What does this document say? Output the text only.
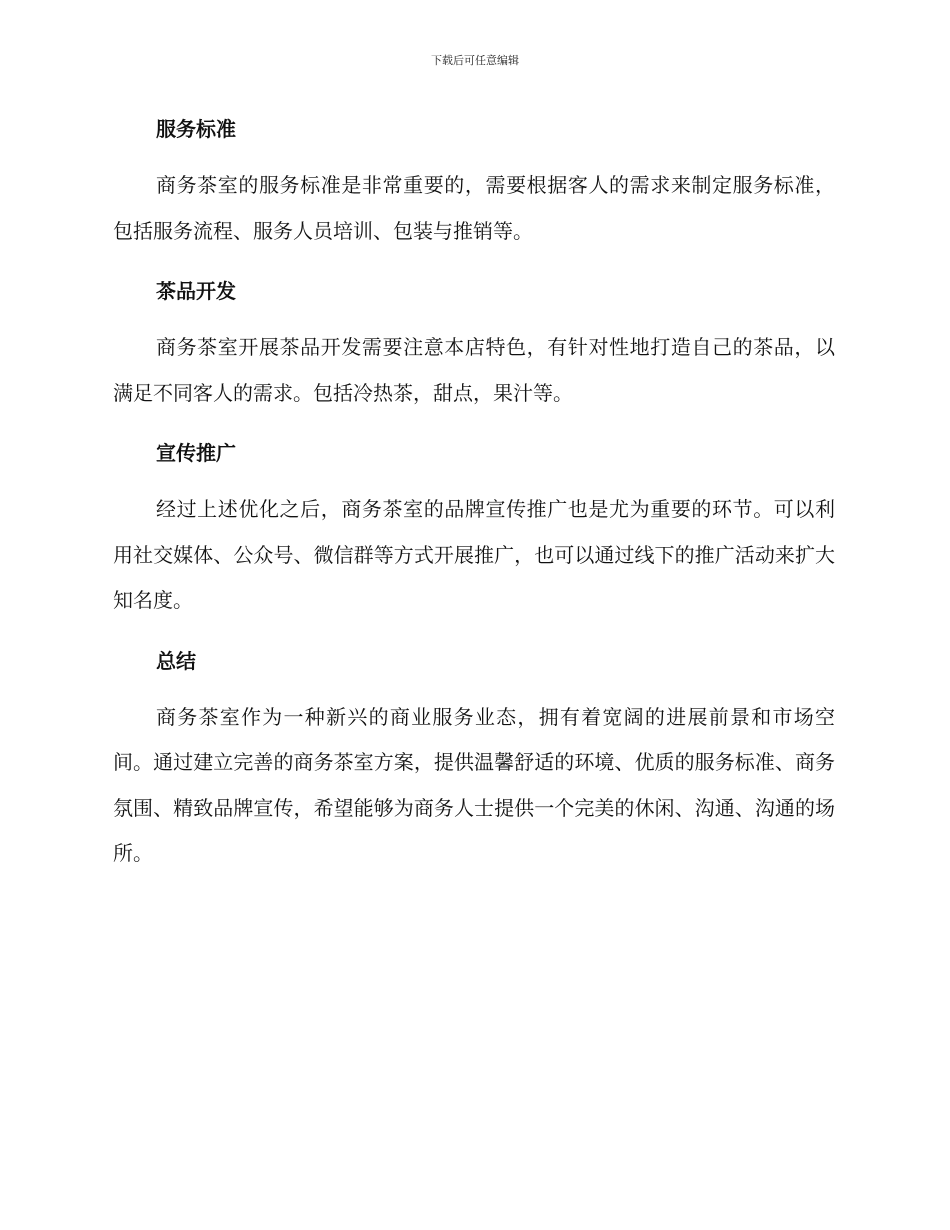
下载后可任意编辑
服务标准

商务茶室的服务标准是非常重要的，需要根据客人的需求来制定服务标准，包括服务流程、服务人员培训、包装与推销等。

茶品开发

商务茶室开展茶品开发需要注意本店特色，有针对性地打造自己的茶品，以满足不同客人的需求。包括冷热茶，甜点，果汁等。

宣传推广

经过上述优化之后，商务茶室的品牌宣传推广也是尤为重要的环节。可以利用社交媒体、公众号、微信群等方式开展推广，也可以通过线下的推广活动来扩大知名度。

总结

商务茶室作为一种新兴的商业服务业态，拥有着宽阔的进展前景和市场空间。通过建立完善的商务茶室方案，提供温馨舒适的环境、优质的服务标准、商务氛围、精致品牌宣传，希望能够为商务人士提供一个完美的休闲、沟通、沟通的场所。
